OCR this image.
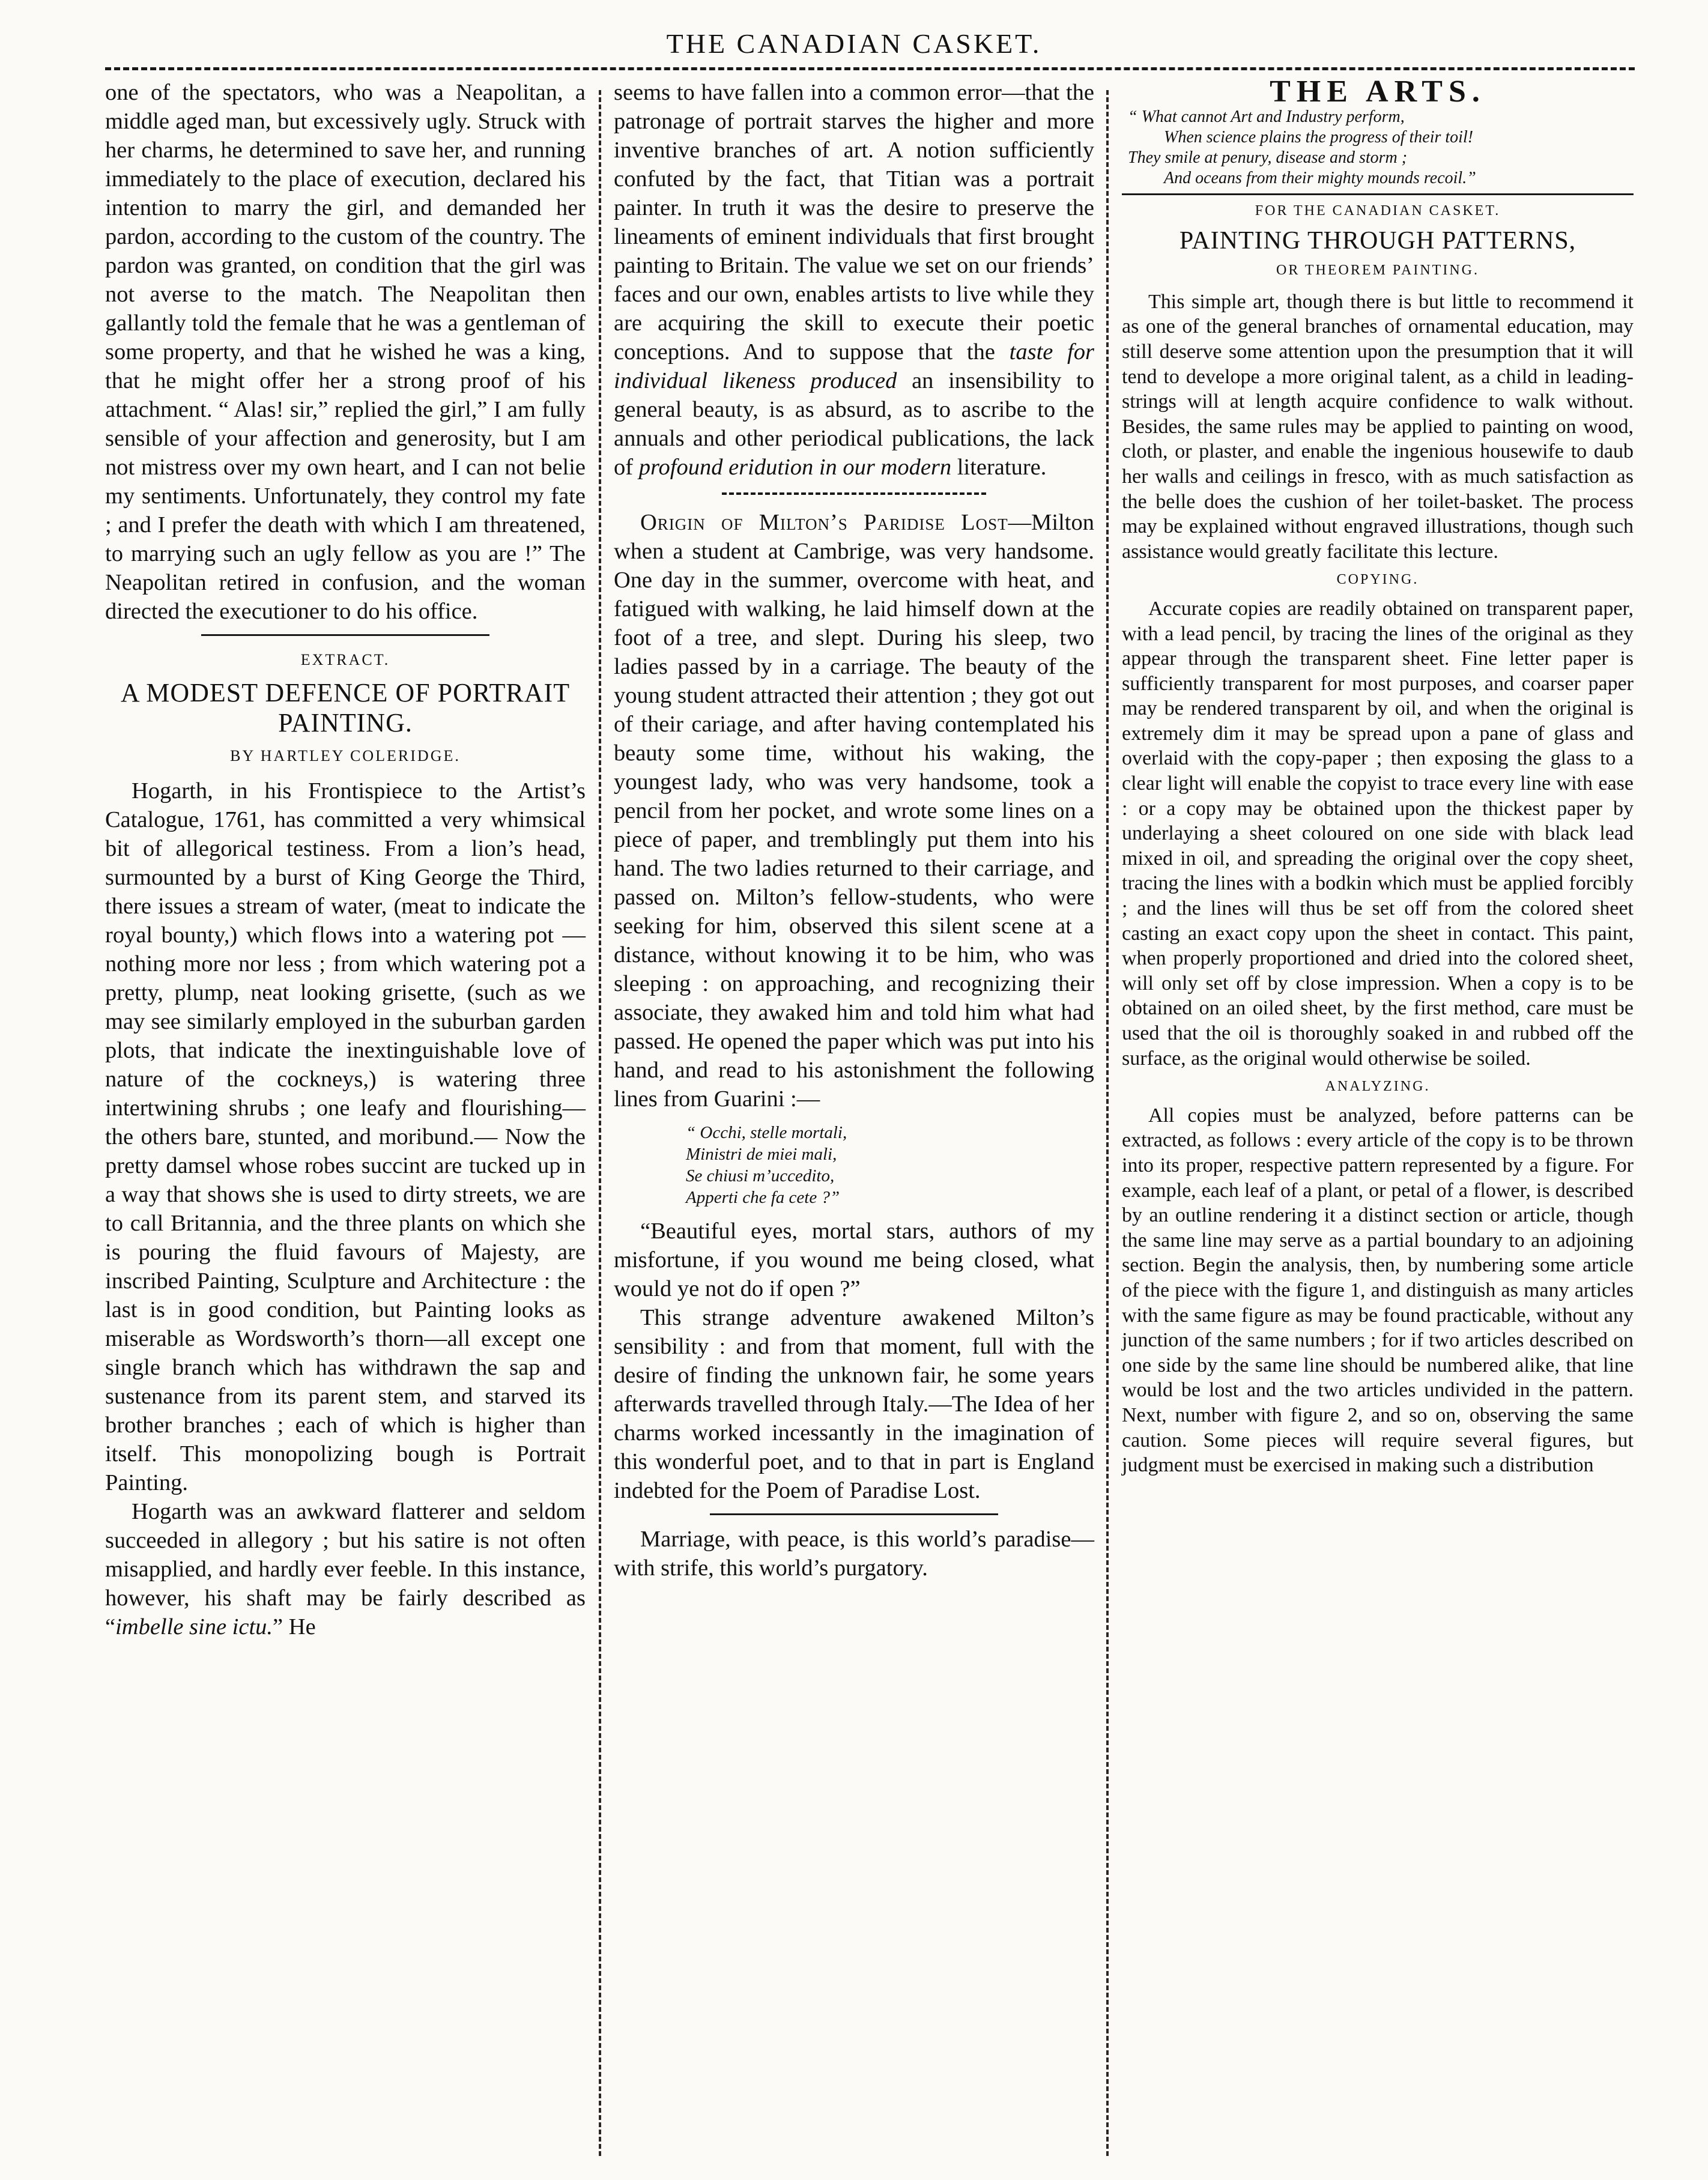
THE CANADIAN CASKET.

one of the spectators, who was a Neapolitan, a middle aged man, but excessively ugly. Struck with her charms, he determined to save her, and running immediately to the place of execution, declared his intention to marry the girl, and demanded her pardon, according to the custom of the country. The pardon was granted, on condition that the girl was not averse to the match. The Neapolitan then gallantly told the female that he was a gentleman of some property, and that he wished he was a king, that he might offer her a strong proof of his attachment. “ Alas! sir,” replied the girl,” I am fully sensible of your affection and generosity, but I am not mistress over my own heart, and I can not belie my sentiments. Unfortunately, they control my fate ; and I prefer the death with which I am threatened, to marrying such an ugly fellow as you are !” The Neapolitan retired in confusion, and the woman directed the executioner to do his office.

EXTRACT.
A MODEST DEFENCE OF PORTRAIT PAINTING.
BY HARTLEY COLERIDGE.

Hogarth, in his Frontispiece to the Artist’s Catalogue, 1761, has committed a very whimsical bit of allegorical testiness. From a lion’s head, surmounted by a burst of King George the Third, there issues a stream of water, (meat to indicate the royal bounty,) which flows into a watering pot —nothing more nor less ; from which watering pot a pretty, plump, neat looking grisette, (such as we may see similarly employed in the suburban garden plots, that indicate the inextinguishable love of nature of the cockneys,) is watering three intertwining shrubs ; one leafy and flourishing— the others bare, stunted, and moribund.— Now the pretty damsel whose robes succint are tucked up in a way that shows she is used to dirty streets, we are to call Britannia, and the three plants on which she is pouring the fluid favours of Majesty, are inscribed Painting, Sculpture and Architecture : the last is in good condition, but Painting looks as miserable as Wordsworth’s thorn—all except one single branch which has withdrawn the sap and sustenance from its parent stem, and starved its brother branches ; each of which is higher than itself. This monopolizing bough is Portrait Painting.

Hogarth was an awkward flatterer and seldom succeeded in allegory ; but his satire is not often misapplied, and hardly ever feeble. In this instance, however, his shaft may be fairly described as “imbelle sine ictu.” He

seems to have fallen into a common error—that the patronage of portrait starves the higher and more inventive branches of art. A notion sufficiently confuted by the fact, that Titian was a portrait painter. In truth it was the desire to preserve the lineaments of eminent individuals that first brought painting to Britain. The value we set on our friends’ faces and our own, enables artists to live while they are acquiring the skill to execute their poetic conceptions. And to suppose that the taste for individual likeness produced an insensibility to general beauty, is as absurd, as to ascribe to the annuals and other periodical publications, the lack of profound eridution in our modern literature.

Origin of Milton’s Paridise Lost—Milton when a student at Cambrige, was very handsome. One day in the summer, overcome with heat, and fatigued with walking, he laid himself down at the foot of a tree, and slept. During his sleep, two ladies passed by in a carriage. The beauty of the young student attracted their attention ; they got out of their cariage, and after having contemplated his beauty some time, without his waking, the youngest lady, who was very handsome, took a pencil from her pocket, and wrote some lines on a piece of paper, and tremblingly put them into his hand. The two ladies returned to their carriage, and passed on. Milton’s fellow-students, who were seeking for him, observed this silent scene at a distance, without knowing it to be him, who was sleeping : on approaching, and recognizing their associate, they awaked him and told him what had passed. He opened the paper which was put into his hand, and read to his astonishment the following lines from Guarini :—

“ Occhi, stelle mortali,
Ministri de miei mali,
Se chiusi m’uccedito,
Apperti che fa cete ?”

“Beautiful eyes, mortal stars, authors of my misfortune, if you wound me being closed, what would ye not do if open ?”

This strange adventure awakened Milton’s sensibility : and from that moment, full with the desire of finding the unknown fair, he some years afterwards travelled through Italy.—The Idea of her charms worked incessantly in the imagination of this wonderful poet, and to that in part is England indebted for the Poem of Paradise Lost.

Marriage, with peace, is this world’s paradise—with strife, this world’s purgatory.

THE ARTS.
“ What cannot Art and Industry perform,
When science plains the progress of their toil!
They smile at penury, disease and storm ;
And oceans from their mighty mounds recoil.”
FOR THE CANADIAN CASKET.
PAINTING THROUGH PATTERNS,
OR THEOREM PAINTING.

This simple art, though there is but little to recommend it as one of the general branches of ornamental education, may still deserve some attention upon the presumption that it will tend to develope a more original talent, as a child in leading-strings will at length acquire confidence to walk without. Besides, the same rules may be applied to painting on wood, cloth, or plaster, and enable the ingenious housewife to daub her walls and ceilings in fresco, with as much satisfaction as the belle does the cushion of her toilet-basket. The process may be explained without engraved illustrations, though such assistance would greatly facilitate this lecture.

COPYING.

Accurate copies are readily obtained on transparent paper, with a lead pencil, by tracing the lines of the original as they appear through the transparent sheet. Fine letter paper is sufficiently transparent for most purposes, and coarser paper may be rendered transparent by oil, and when the original is extremely dim it may be spread upon a pane of glass and overlaid with the copy-paper ; then exposing the glass to a clear light will enable the copyist to trace every line with ease : or a copy may be obtained upon the thickest paper by underlaying a sheet coloured on one side with black lead mixed in oil, and spreading the original over the copy sheet, tracing the lines with a bodkin which must be applied forcibly ; and the lines will thus be set off from the colored sheet casting an exact copy upon the sheet in contact. This paint, when properly proportioned and dried into the colored sheet, will only set off by close impression. When a copy is to be obtained on an oiled sheet, by the first method, care must be used that the oil is thoroughly soaked in and rubbed off the surface, as the original would otherwise be soiled.

ANALYZING.

All copies must be analyzed, before patterns can be extracted, as follows : every article of the copy is to be thrown into its proper, respective pattern represented by a figure. For example, each leaf of a plant, or petal of a flower, is described by an outline rendering it a distinct section or article, though the same line may serve as a partial boundary to an adjoining section. Begin the analysis, then, by numbering some article of the piece with the figure 1, and distinguish as many articles with the same figure as may be found practicable, without any junction of the same numbers ; for if two articles described on one side by the same line should be numbered alike, that line would be lost and the two articles undivided in the pattern. Next, number with figure 2, and so on, observing the same caution. Some pieces will require several figures, but judgment must be exercised in making such a distribution
